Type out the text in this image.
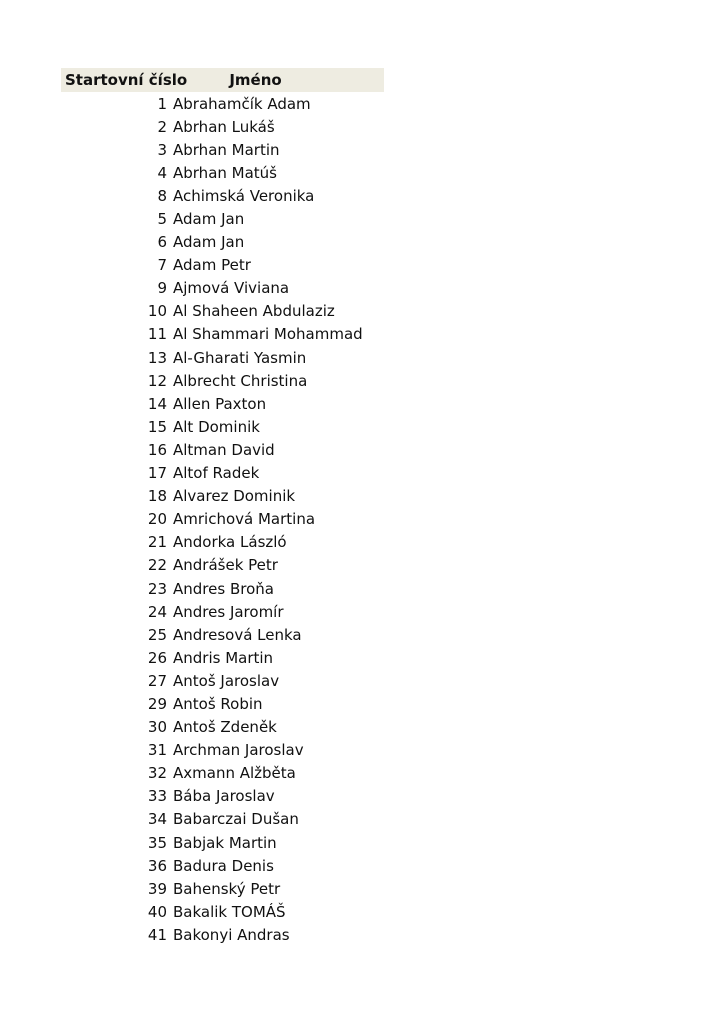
Startovní číslo	Jméno
1 Abrahamčík Adam
2 Abrhan Lukáš
3 Abrhan Martin
4 Abrhan Matúš
8 Achimská Veronika
5 Adam Jan
6 Adam Jan
7 Adam Petr
9 Ajmová Viviana
10 Al Shaheen Abdulaziz
11 Al Shammari Mohammad
13 Al-Gharati Yasmin
12 Albrecht Christina
14 Allen Paxton
15 Alt Dominik
16 Altman David
17 Altof Radek
18 Alvarez Dominik
20 Amrichová Martina
21 Andorka László
22 Andrášek Petr
23 Andres Broňa
24 Andres Jaromír
25 Andresová Lenka
26 Andris Martin
27 Antoš Jaroslav
29 Antoš Robin
30 Antoš Zdeněk
31 Archman Jaroslav
32 Axmann Alžběta
33 Bába Jaroslav
34 Babarczai Dušan
35 Babjak Martin
36 Badura Denis
39 Bahenský Petr
40 Bakalik TOMÁŠ
41 Bakonyi Andras
